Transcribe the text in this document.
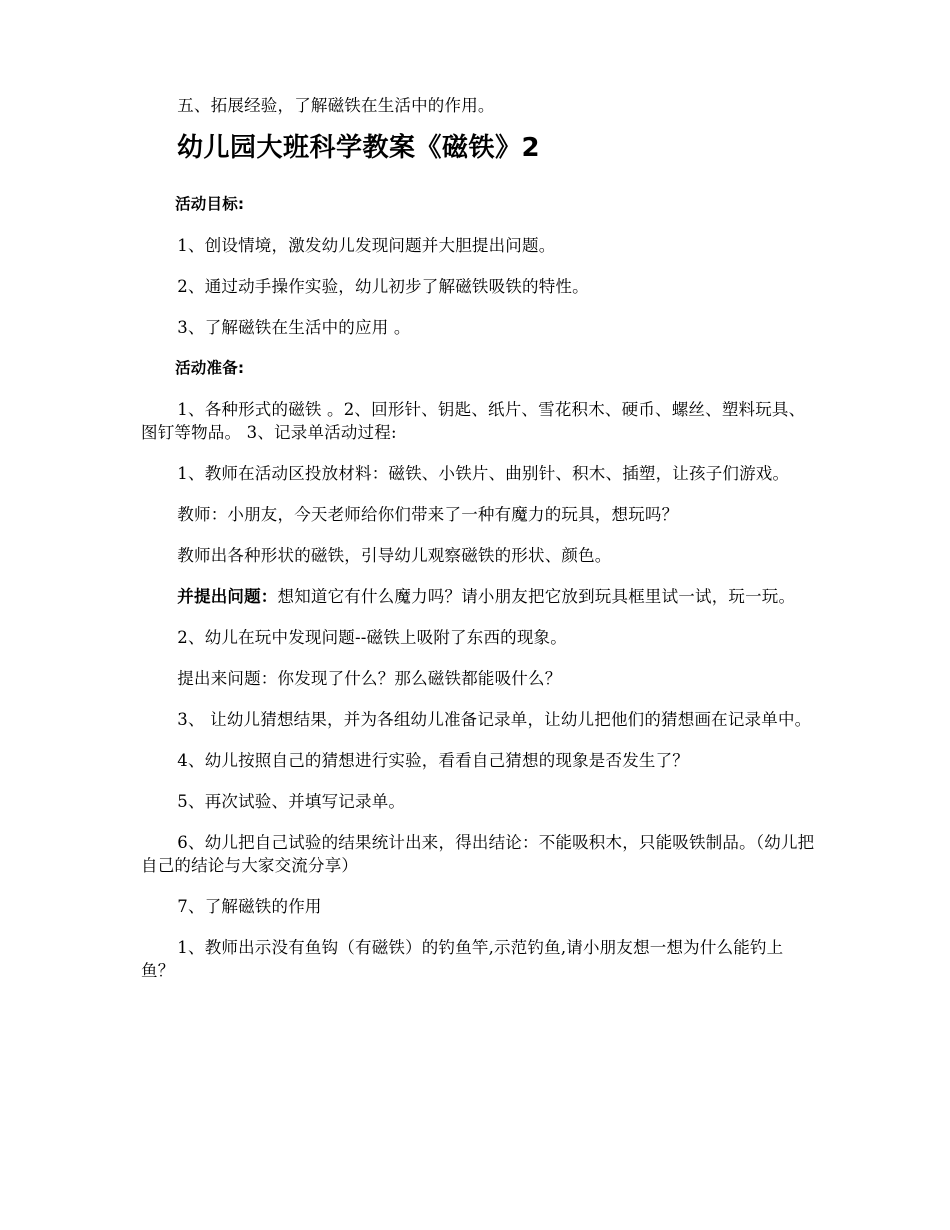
五、拓展经验，了解磁铁在生活中的作用。

幼儿园大班科学教案《磁铁》2

活动目标:

1、创设情境，激发幼儿发现问题并大胆提出问题。

2、通过动手操作实验，幼儿初步了解磁铁吸铁的特性。

3、了解磁铁在生活中的应用 。

活动准备:

1、各种形式的磁铁 。2、回形针、钥匙、纸片、雪花积木、硬币、螺丝、塑料玩具、图钉等物品。 3、记录单活动过程:

1、教师在活动区投放材料：磁铁、小铁片、曲别针、积木、插塑，让孩子们游戏。

教师：小朋友，今天老师给你们带来了一种有魔力的玩具，想玩吗？

教师出各种形状的磁铁，引导幼儿观察磁铁的形状、颜色。

并提出问题：想知道它有什么魔力吗？请小朋友把它放到玩具框里试一试，玩一玩。

2、幼儿在玩中发现问题--磁铁上吸附了东西的现象。

提出来问题：你发现了什么？那么磁铁都能吸什么？

3、 让幼儿猜想结果，并为各组幼儿准备记录单，让幼儿把他们的猜想画在记录单中。

4、幼儿按照自己的猜想进行实验，看看自己猜想的现象是否发生了？

5、再次试验、并填写记录单。

6、幼儿把自己试验的结果统计出来，得出结论：不能吸积木，只能吸铁制品。（幼儿把自己的结论与大家交流分享）

7、了解磁铁的作用

1、教师出示没有鱼钩（有磁铁）的钓鱼竿,示范钓鱼,请小朋友想一想为什么能钓上鱼？
